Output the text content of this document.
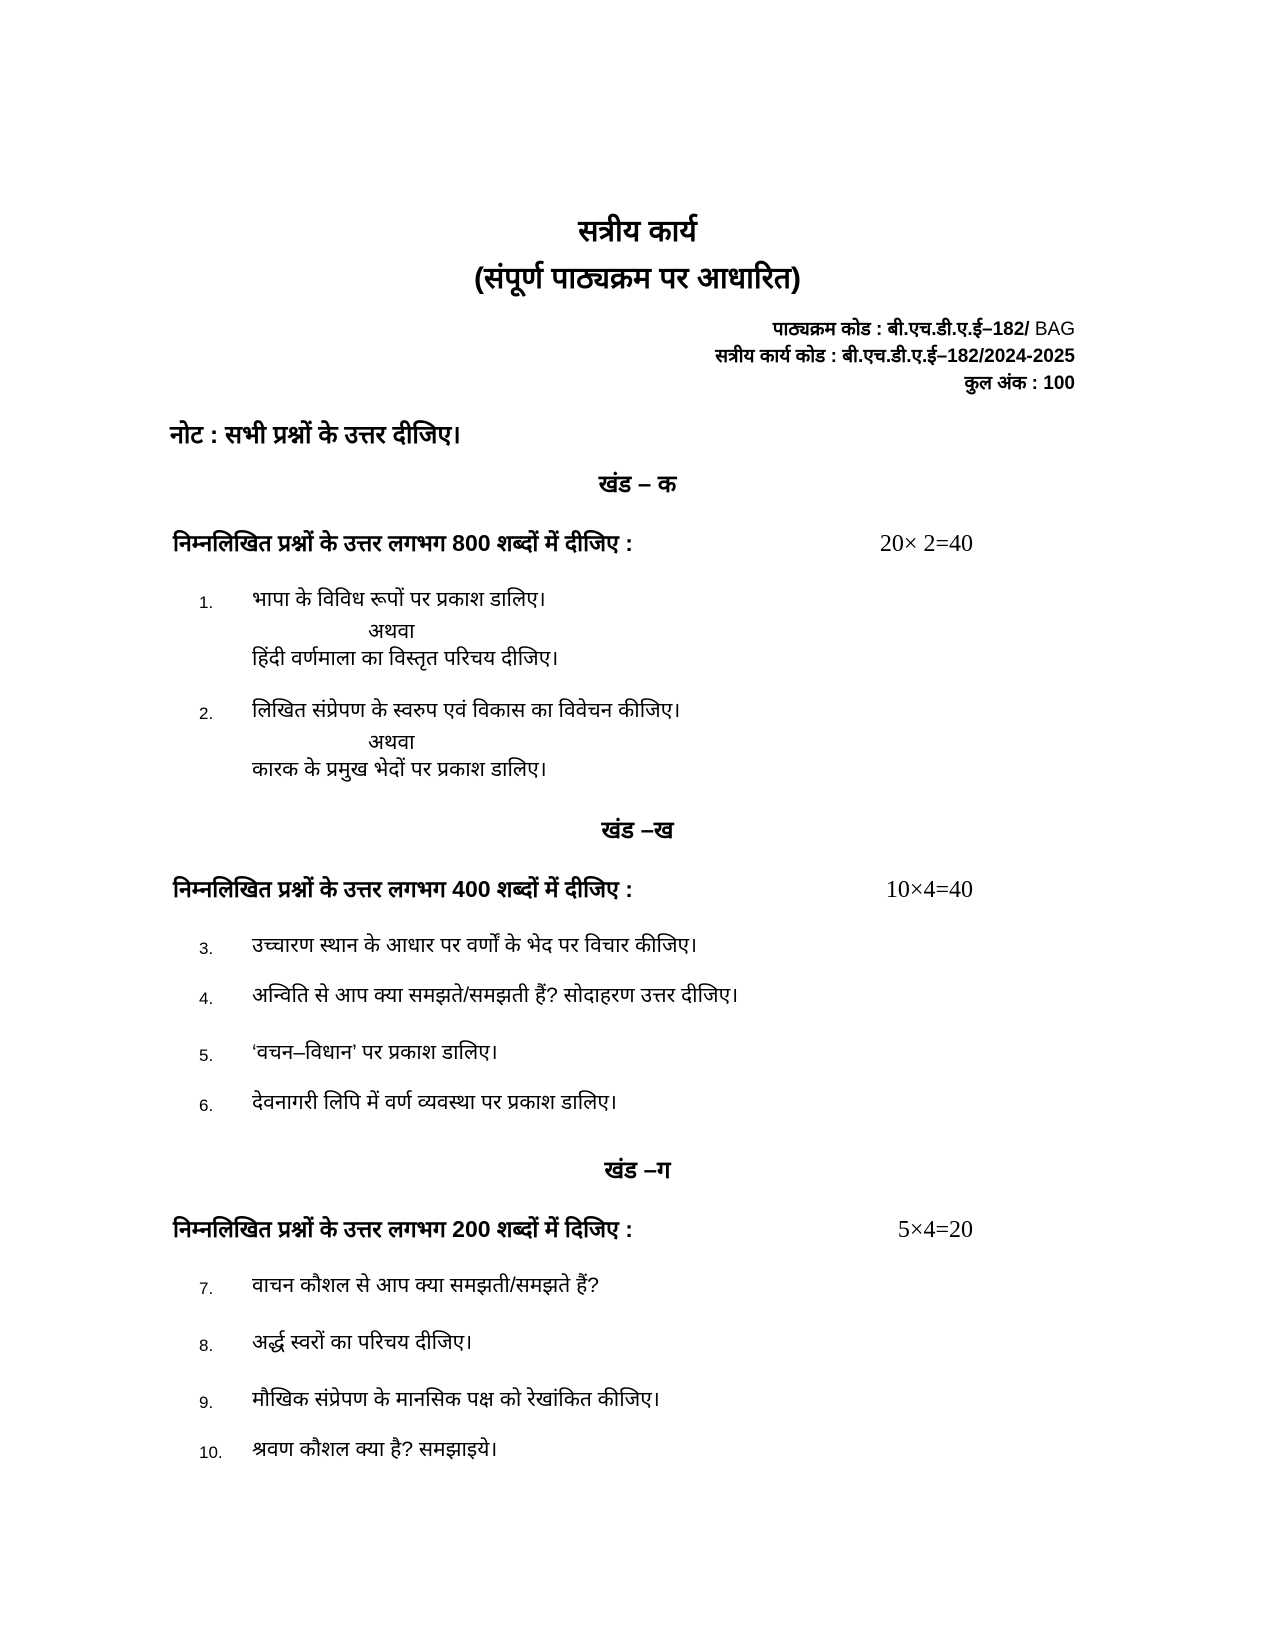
सत्रीय कार्य
(संपूर्ण पाठ्यक्रम पर आधारित)
पाठ्यक्रम कोड : बी.एच.डी.ए.ई–182/ BAG
सत्रीय कार्य कोड : बी.एच.डी.ए.ई–182/2024-2025
कुल अंक : 100
नोट : सभी प्रश्नों के उत्तर दीजिए।
खंड – क
निम्नलिखित प्रश्नों के उत्तर लगभग 800 शब्दों में दीजिए :	20× 2=40
1.	भापा के विविध रूपों पर प्रकाश डालिए।
अथवा
हिंदी वर्णमाला का विस्तृत परिचय दीजिए।
2.	लिखित संप्रेपण के स्वरुप एवं विकास का विवेचन कीजिए।
अथवा
कारक के प्रमुख भेदों पर प्रकाश डालिए।
खंड –ख
निम्नलिखित प्रश्नों के उत्तर लगभग 400 शब्दों में दीजिए :	10×4=40
3.	उच्चारण स्थान के आधार पर वर्णों के भेद पर विचार कीजिए।
4.	अन्विति से आप क्या समझते/समझती हैं? सोदाहरण उत्तर दीजिए।
5.	‘वचन–विधान’ पर प्रकाश डालिए।
6.	देवनागरी लिपि में वर्ण व्यवस्था पर प्रकाश डालिए।
खंड –ग
निम्नलिखित प्रश्नों के उत्तर लगभग 200 शब्दों में दिजिए :	5×4=20
7.	वाचन कौशल से आप क्या समझती/समझते हैं?
8.	अर्द्ध स्वरों का परिचय दीजिए।
9.	मौखिक संप्रेपण के मानसिक पक्ष को रेखांकित कीजिए।
10.	श्रवण कौशल क्या है? समझाइये।
